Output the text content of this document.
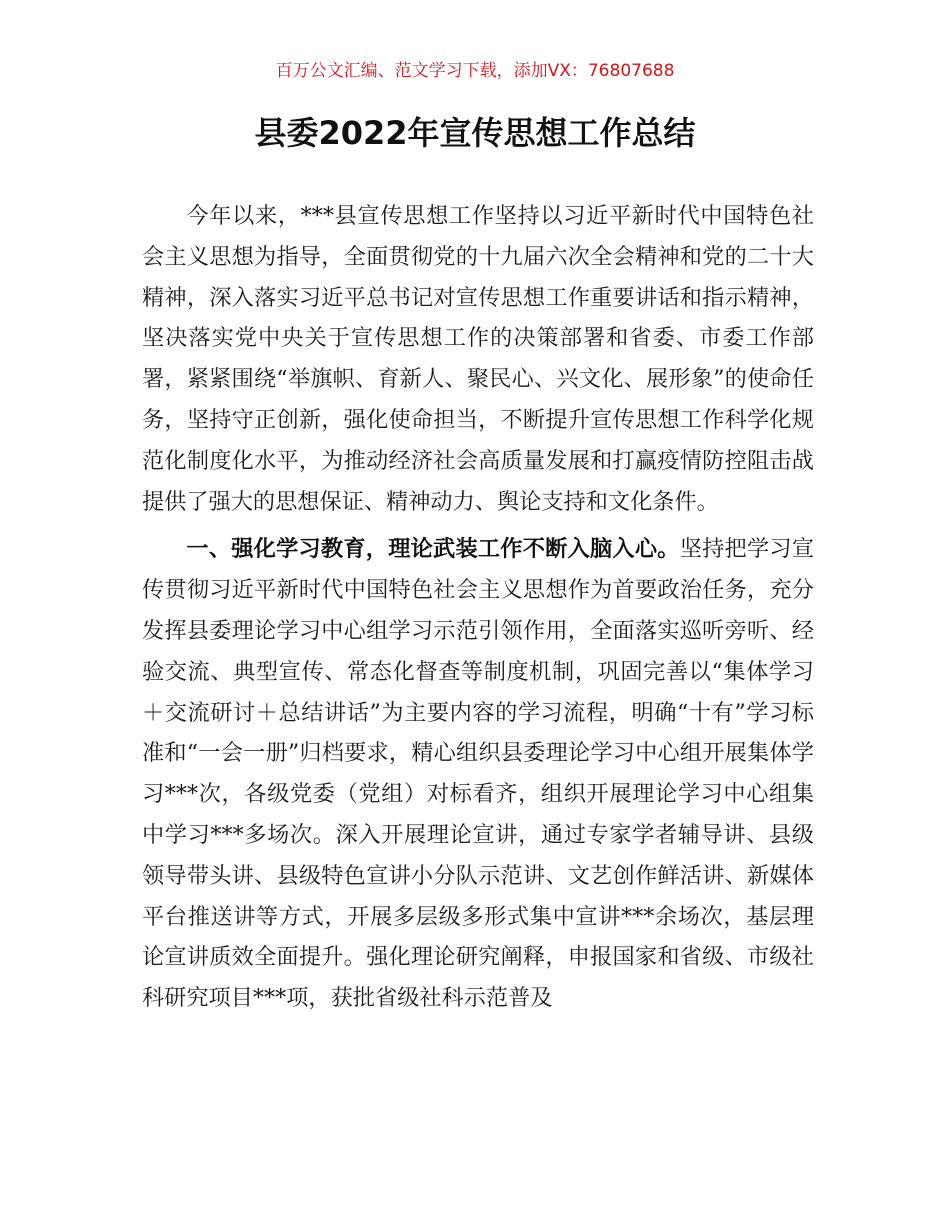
百万公文汇编、范文学习下载，添加VX：76807688
县委2022年宣传思想工作总结

今年以来，***县宣传思想工作坚持以习近平新时代中国特色社会主义思想为指导，全面贯彻党的十九届六次全会精神和党的二十大精神，深入落实习近平总书记对宣传思想工作重要讲话和指示精神，坚决落实党中央关于宣传思想工作的决策部署和省委、市委工作部署，紧紧围绕“举旗帜、育新人、聚民心、兴文化、展形象”的使命任务，坚持守正创新，强化使命担当，不断提升宣传思想工作科学化规范化制度化水平，为推动经济社会高质量发展和打赢疫情防控阻击战提供了强大的思想保证、精神动力、舆论支持和文化条件。

一、强化学习教育，理论武装工作不断入脑入心。坚持把学习宣传贯彻习近平新时代中国特色社会主义思想作为首要政治任务，充分发挥县委理论学习中心组学习示范引领作用，全面落实巡听旁听、经验交流、典型宣传、常态化督查等制度机制，巩固完善以“集体学习＋交流研讨＋总结讲话”为主要内容的学习流程，明确“十有”学习标准和“一会一册”归档要求，精心组织县委理论学习中心组开展集体学习***次，各级党委（党组）对标看齐，组织开展理论学习中心组集中学习***多场次。深入开展理论宣讲，通过专家学者辅导讲、县级领导带头讲、县级特色宣讲小分队示范讲、文艺创作鲜活讲、新媒体平台推送讲等方式，开展多层级多形式集中宣讲***余场次，基层理论宣讲质效全面提升。强化理论研究阐释，申报国家和省级、市级社科研究项目***项，获批省级社科示范普及
